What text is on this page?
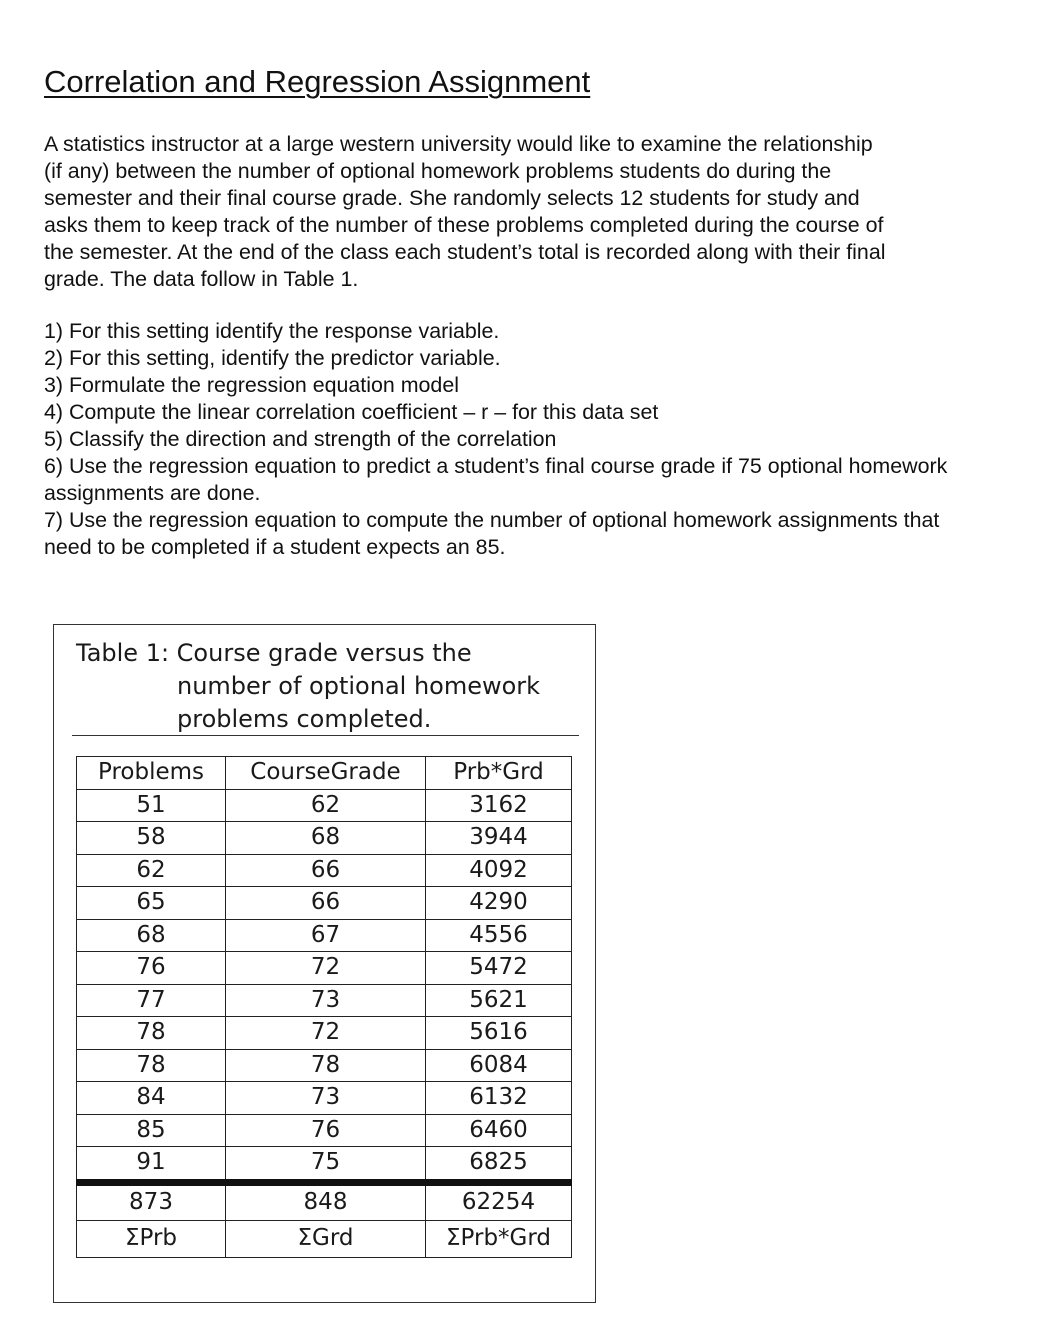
Correlation and Regression Assignment
A statistics instructor at a large western university would like to examine the relationship
(if any) between the number of optional homework problems students do during the
semester and their final course grade. She randomly selects 12 students for study and
asks them to keep track of the number of these problems completed during the course of
the semester. At the end of the class each student’s total is recorded along with their final
grade. The data follow in Table 1.
1) For this setting identify the response variable.
2) For this setting, identify the predictor variable.
3) Formulate the regression equation model
4) Compute the linear correlation coefficient – r – for this data set
5) Classify the direction and strength of the correlation
6) Use the regression equation to predict a student’s final course grade if 75 optional homework
assignments are done.
7) Use the regression equation to compute the number of optional homework assignments that
need to be completed if a student expects an 85.
Table 1: Course grade versus the
number of optional homework
problems completed.
Problems	CourseGrade	Prb*Grd
51	62	3162
58	68	3944
62	66	4092
65	66	4290
68	67	4556
76	72	5472
77	73	5621
78	72	5616
78	78	6084
84	73	6132
85	76	6460
91	75	6825
873	848	62254
ΣPrb	ΣGrd	ΣPrb*Grd
